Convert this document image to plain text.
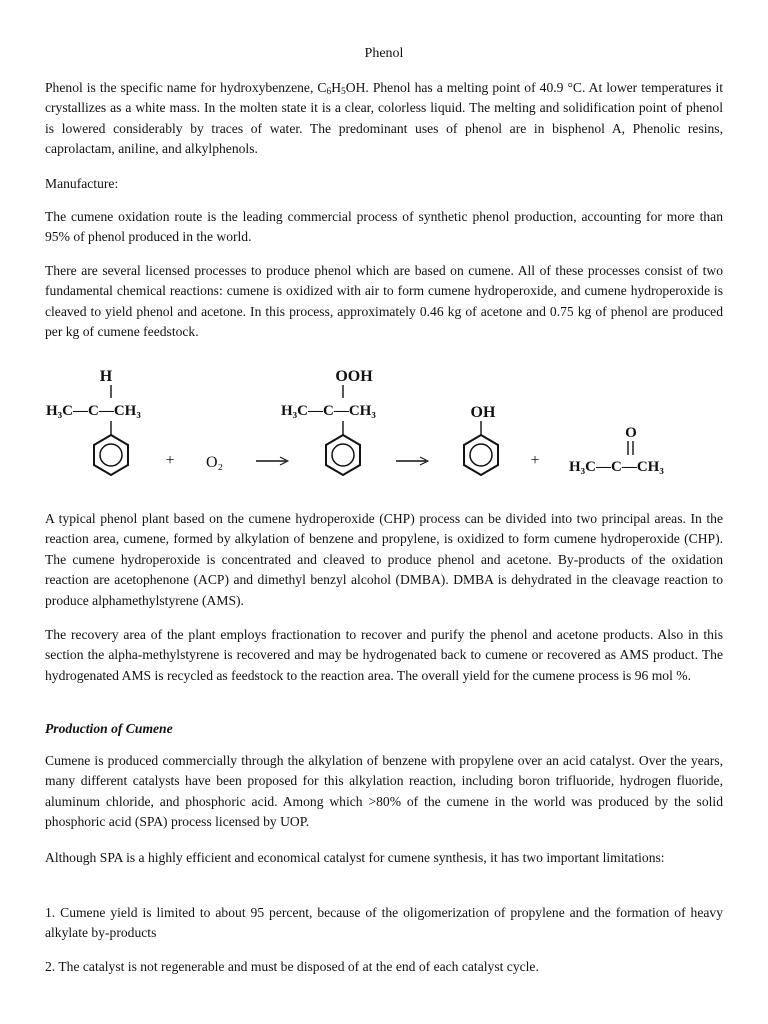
Phenol

Phenol is the specific name for hydroxybenzene, $C_6H_5OH$. Phenol has a melting point of 40.9 °C. At lower temperatures it crystallizes as a white mass. In the molten state it is a clear, colorless liquid. The melting and solidification point of phenol is lowered considerably by traces of water. The predominant uses of phenol are in bisphenol A, Phenolic resins, caprolactam, aniline, and alkylphenols.

Manufacture:

The cumene oxidation route is the leading commercial process of synthetic phenol production, accounting for more than 95% of phenol produced in the world.

There are several licensed processes to produce phenol which are based on cumene. All of these processes consist of two fundamental chemical reactions: cumene is oxidized with air to form cumene hydroperoxide, and cumene hydroperoxide is cleaved to yield phenol and acetone. In this process, approximately 0.46 kg of acetone and 0.75 kg of phenol are produced per kg of cumene feedstock.

H
H₃C—C—CH₃
+ O₂
OOH
H₃C—C—CH₃	OH
+
O
H₃C—C—CH₃

A typical phenol plant based on the cumene hydroperoxide (CHP) process can be divided into two principal areas. In the reaction area, cumene, formed by alkylation of benzene and propylene, is oxidized to form cumene hydroperoxide (CHP). The cumene hydroperoxide is concentrated and cleaved to produce phenol and acetone. By-products of the oxidation reaction are acetophenone (ACP) and dimethyl benzyl alcohol (DMBA). DMBA is dehydrated in the cleavage reaction to produce alphamethylstyrene (AMS).

The recovery area of the plant employs fractionation to recover and purify the phenol and acetone products. Also in this section the alpha-methylstyrene is recovered and may be hydrogenated back to cumene or recovered as AMS product. The hydrogenated AMS is recycled as feedstock to the reaction area. The overall yield for the cumene process is 96 mol %.

Production of Cumene

Cumene is produced commercially through the alkylation of benzene with propylene over an acid catalyst. Over the years, many different catalysts have been proposed for this alkylation reaction, including boron trifluoride, hydrogen fluoride, aluminum chloride, and phosphoric acid. Among which >80% of the cumene in the world was produced by the solid phosphoric acid (SPA) process licensed by UOP.

Although SPA is a highly efficient and economical catalyst for cumene synthesis, it has two important limitations:

1. Cumene yield is limited to about 95 percent, because of the oligomerization of propylene and the formation of heavy alkylate by-products

2. The catalyst is not regenerable and must be disposed of at the end of each catalyst cycle.
